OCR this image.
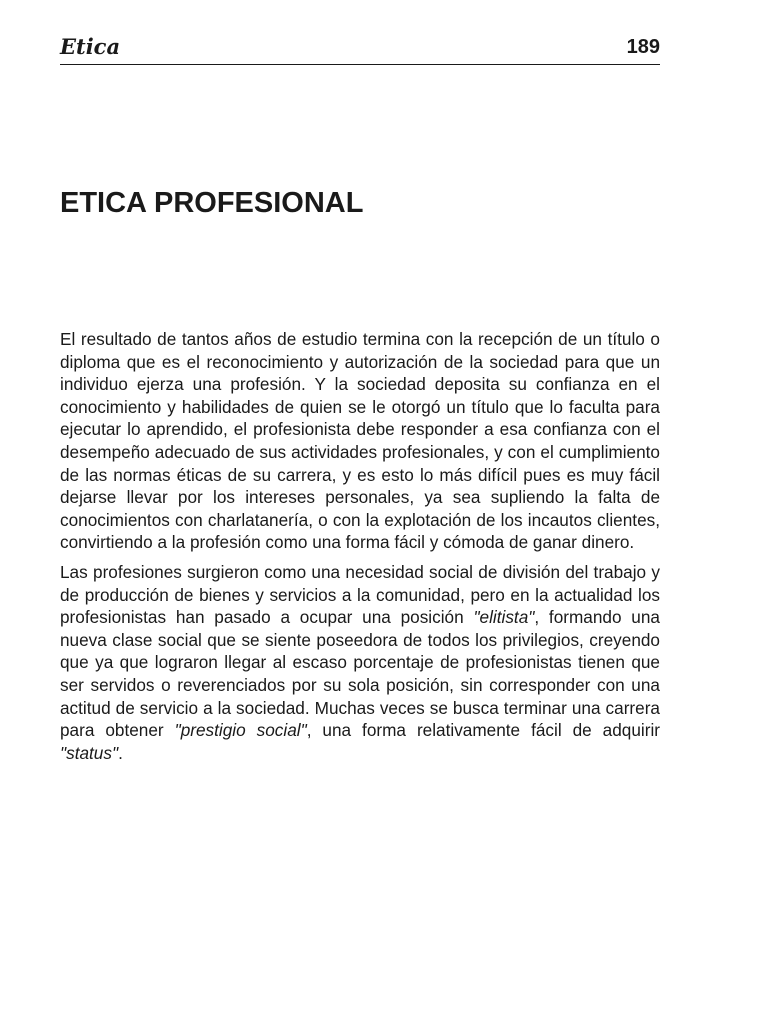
Etica	189
ETICA PROFESIONAL

El resultado de tantos años de estudio termina con la recepción de un título o diploma que es el reconocimiento y autorización de la sociedad para que un individuo ejerza una profesión. Y la sociedad deposita su confianza en el conocimiento y habilidades de quien se le otorgó un título que lo faculta para ejecutar lo aprendido, el profesionista debe responder a esa confianza con el desempeño adecuado de sus actividades profesionales, y con el cumplimiento de las normas éticas de su carrera, y es esto lo más difícil pues es muy fácil dejarse llevar por los intereses personales, ya sea supliendo la falta de conocimientos con charlatanería, o con la explotación de los incautos clientes, convirtiendo a la profesión como una forma fácil y cómoda de ganar dinero.

Las profesiones surgieron como una necesidad social de división del trabajo y de producción de bienes y servicios a la comunidad, pero en la actualidad los profesionistas han pasado a ocupar una posición "elitista", formando una nueva clase social que se siente poseedora de todos los privilegios, creyendo que ya que lograron llegar al escaso porcentaje de profesionistas tienen que ser servidos o reverenciados por su sola posición, sin corresponder con una actitud de servicio a la sociedad. Muchas veces se busca terminar una carrera para obtener "prestigio social", una forma relativamente fácil de adquirir "status".
